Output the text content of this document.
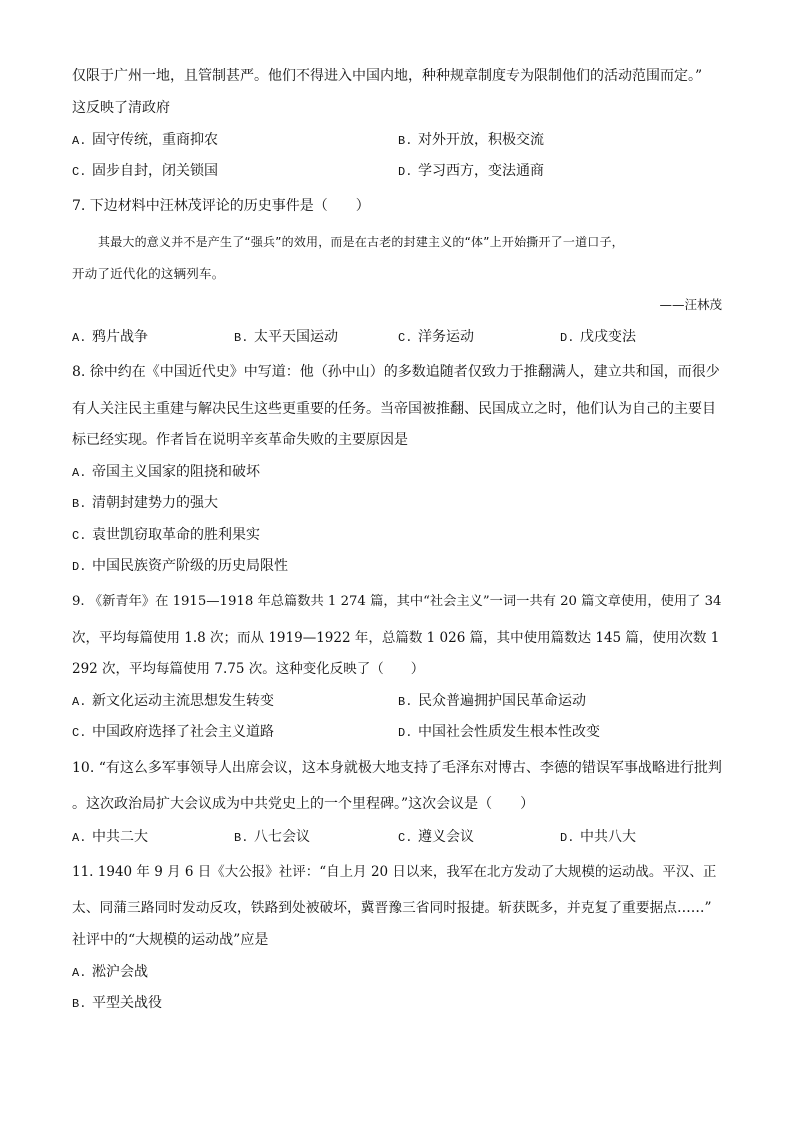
仅限于广州一地，且管制甚严。他们不得进入中国内地，种种规章制度专为限制他们的活动范围而定。”
这反映了清政府
A. 固守传统，重商抑农	B. 对外开放，积极交流
C. 固步自封，闭关锁国	D. 学习西方，变法通商
7. 下边材料中汪林茂评论的历史事件是（　　）
其最大的意义并不是产生了“强兵”的效用，而是在古老的封建主义的“体”上开始撕开了一道口子，
开动了近代化的这辆列车。
——汪林茂
A. 鸦片战争	B. 太平天国运动	C. 洋务运动	D. 戊戌变法
8. 徐中约在《中国近代史》中写道：他（孙中山）的多数追随者仅致力于推翻满人，建立共和国，而很少
有人关注民主重建与解决民生这些更重要的任务。当帝国被推翻、民国成立之时，他们认为自己的主要目
标已经实现。作者旨在说明辛亥革命失败的主要原因是
A. 帝国主义国家的阻挠和破坏
B. 清朝封建势力的强大
C. 袁世凯窃取革命的胜利果实
D. 中国民族资产阶级的历史局限性
9. 《新青年》在 1915—1918 年总篇数共 1 274 篇，其中“社会主义”一词一共有 20 篇文章使用，使用了 34
次，平均每篇使用 1.8 次；而从 1919—1922 年，总篇数 1 026 篇，其中使用篇数达 145 篇，使用次数 1
292 次，平均每篇使用 7.75 次。这种变化反映了（　　）
A. 新文化运动主流思想发生转变	B. 民众普遍拥护国民革命运动
C. 中国政府选择了社会主义道路	D. 中国社会性质发生根本性改变
10. “有这么多军事领导人出席会议，这本身就极大地支持了毛泽东对博古、李德的错误军事战略进行批判
。这次政治局扩大会议成为中共党史上的一个里程碑。”这次会议是（　　）
A. 中共二大	B. 八七会议	C. 遵义会议	D. 中共八大
11. 1940 年 9 月 6 日《大公报》社评：“自上月 20 日以来，我军在北方发动了大规模的运动战。平汉、正
太、同蒲三路同时发动反攻，铁路到处被破坏，冀晋豫三省同时报捷。斩获既多，并克复了重要据点……”
社评中的“大规模的运动战”应是
A. 淞沪会战
B. 平型关战役
